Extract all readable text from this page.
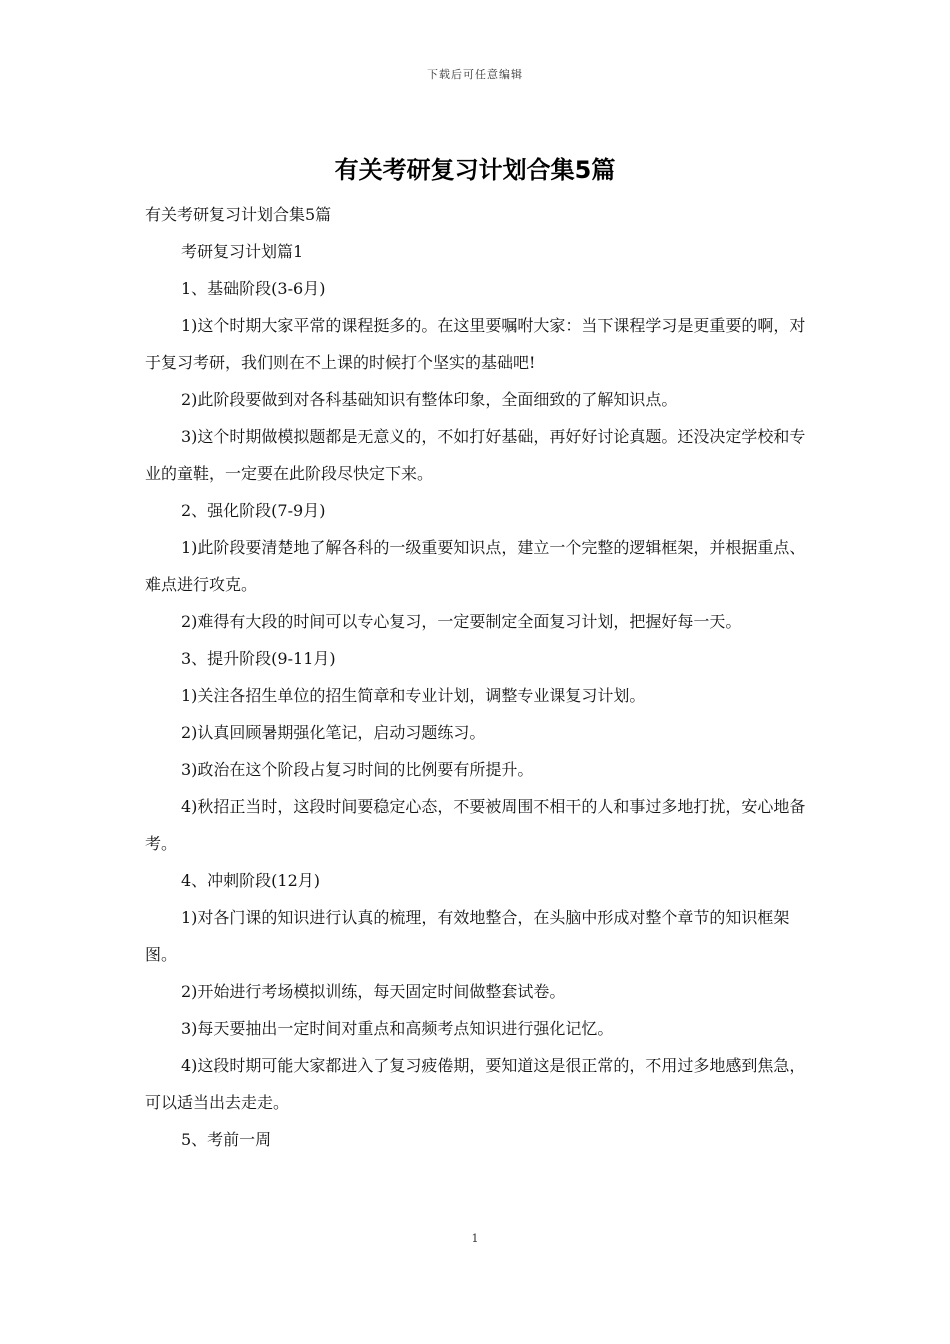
下载后可任意编辑
有关考研复习计划合集5篇

有关考研复习计划合集5篇

考研复习计划篇1

1、基础阶段(3-6月)

1)这个时期大家平常的课程挺多的。在这里要嘱咐大家：当下课程学习是更重要的啊，对于复习考研，我们则在不上课的时候打个坚实的基础吧!

2)此阶段要做到对各科基础知识有整体印象，全面细致的了解知识点。

3)这个时期做模拟题都是无意义的，不如打好基础，再好好讨论真题。还没决定学校和专业的童鞋，一定要在此阶段尽快定下来。

2、强化阶段(7-9月)

1)此阶段要清楚地了解各科的一级重要知识点，建立一个完整的逻辑框架，并根据重点、难点进行攻克。

2)难得有大段的时间可以专心复习，一定要制定全面复习计划，把握好每一天。

3、提升阶段(9-11月)

1)关注各招生单位的招生简章和专业计划，调整专业课复习计划。

2)认真回顾暑期强化笔记，启动习题练习。

3)政治在这个阶段占复习时间的比例要有所提升。

4)秋招正当时，这段时间要稳定心态，不要被周围不相干的人和事过多地打扰，安心地备考。

4、冲刺阶段(12月)

1)对各门课的知识进行认真的梳理，有效地整合，在头脑中形成对整个章节的知识框架图。

2)开始进行考场模拟训练，每天固定时间做整套试卷。

3)每天要抽出一定时间对重点和高频考点知识进行强化记忆。

4)这段时期可能大家都进入了复习疲倦期，要知道这是很正常的，不用过多地感到焦急，可以适当出去走走。

5、考前一周

1
